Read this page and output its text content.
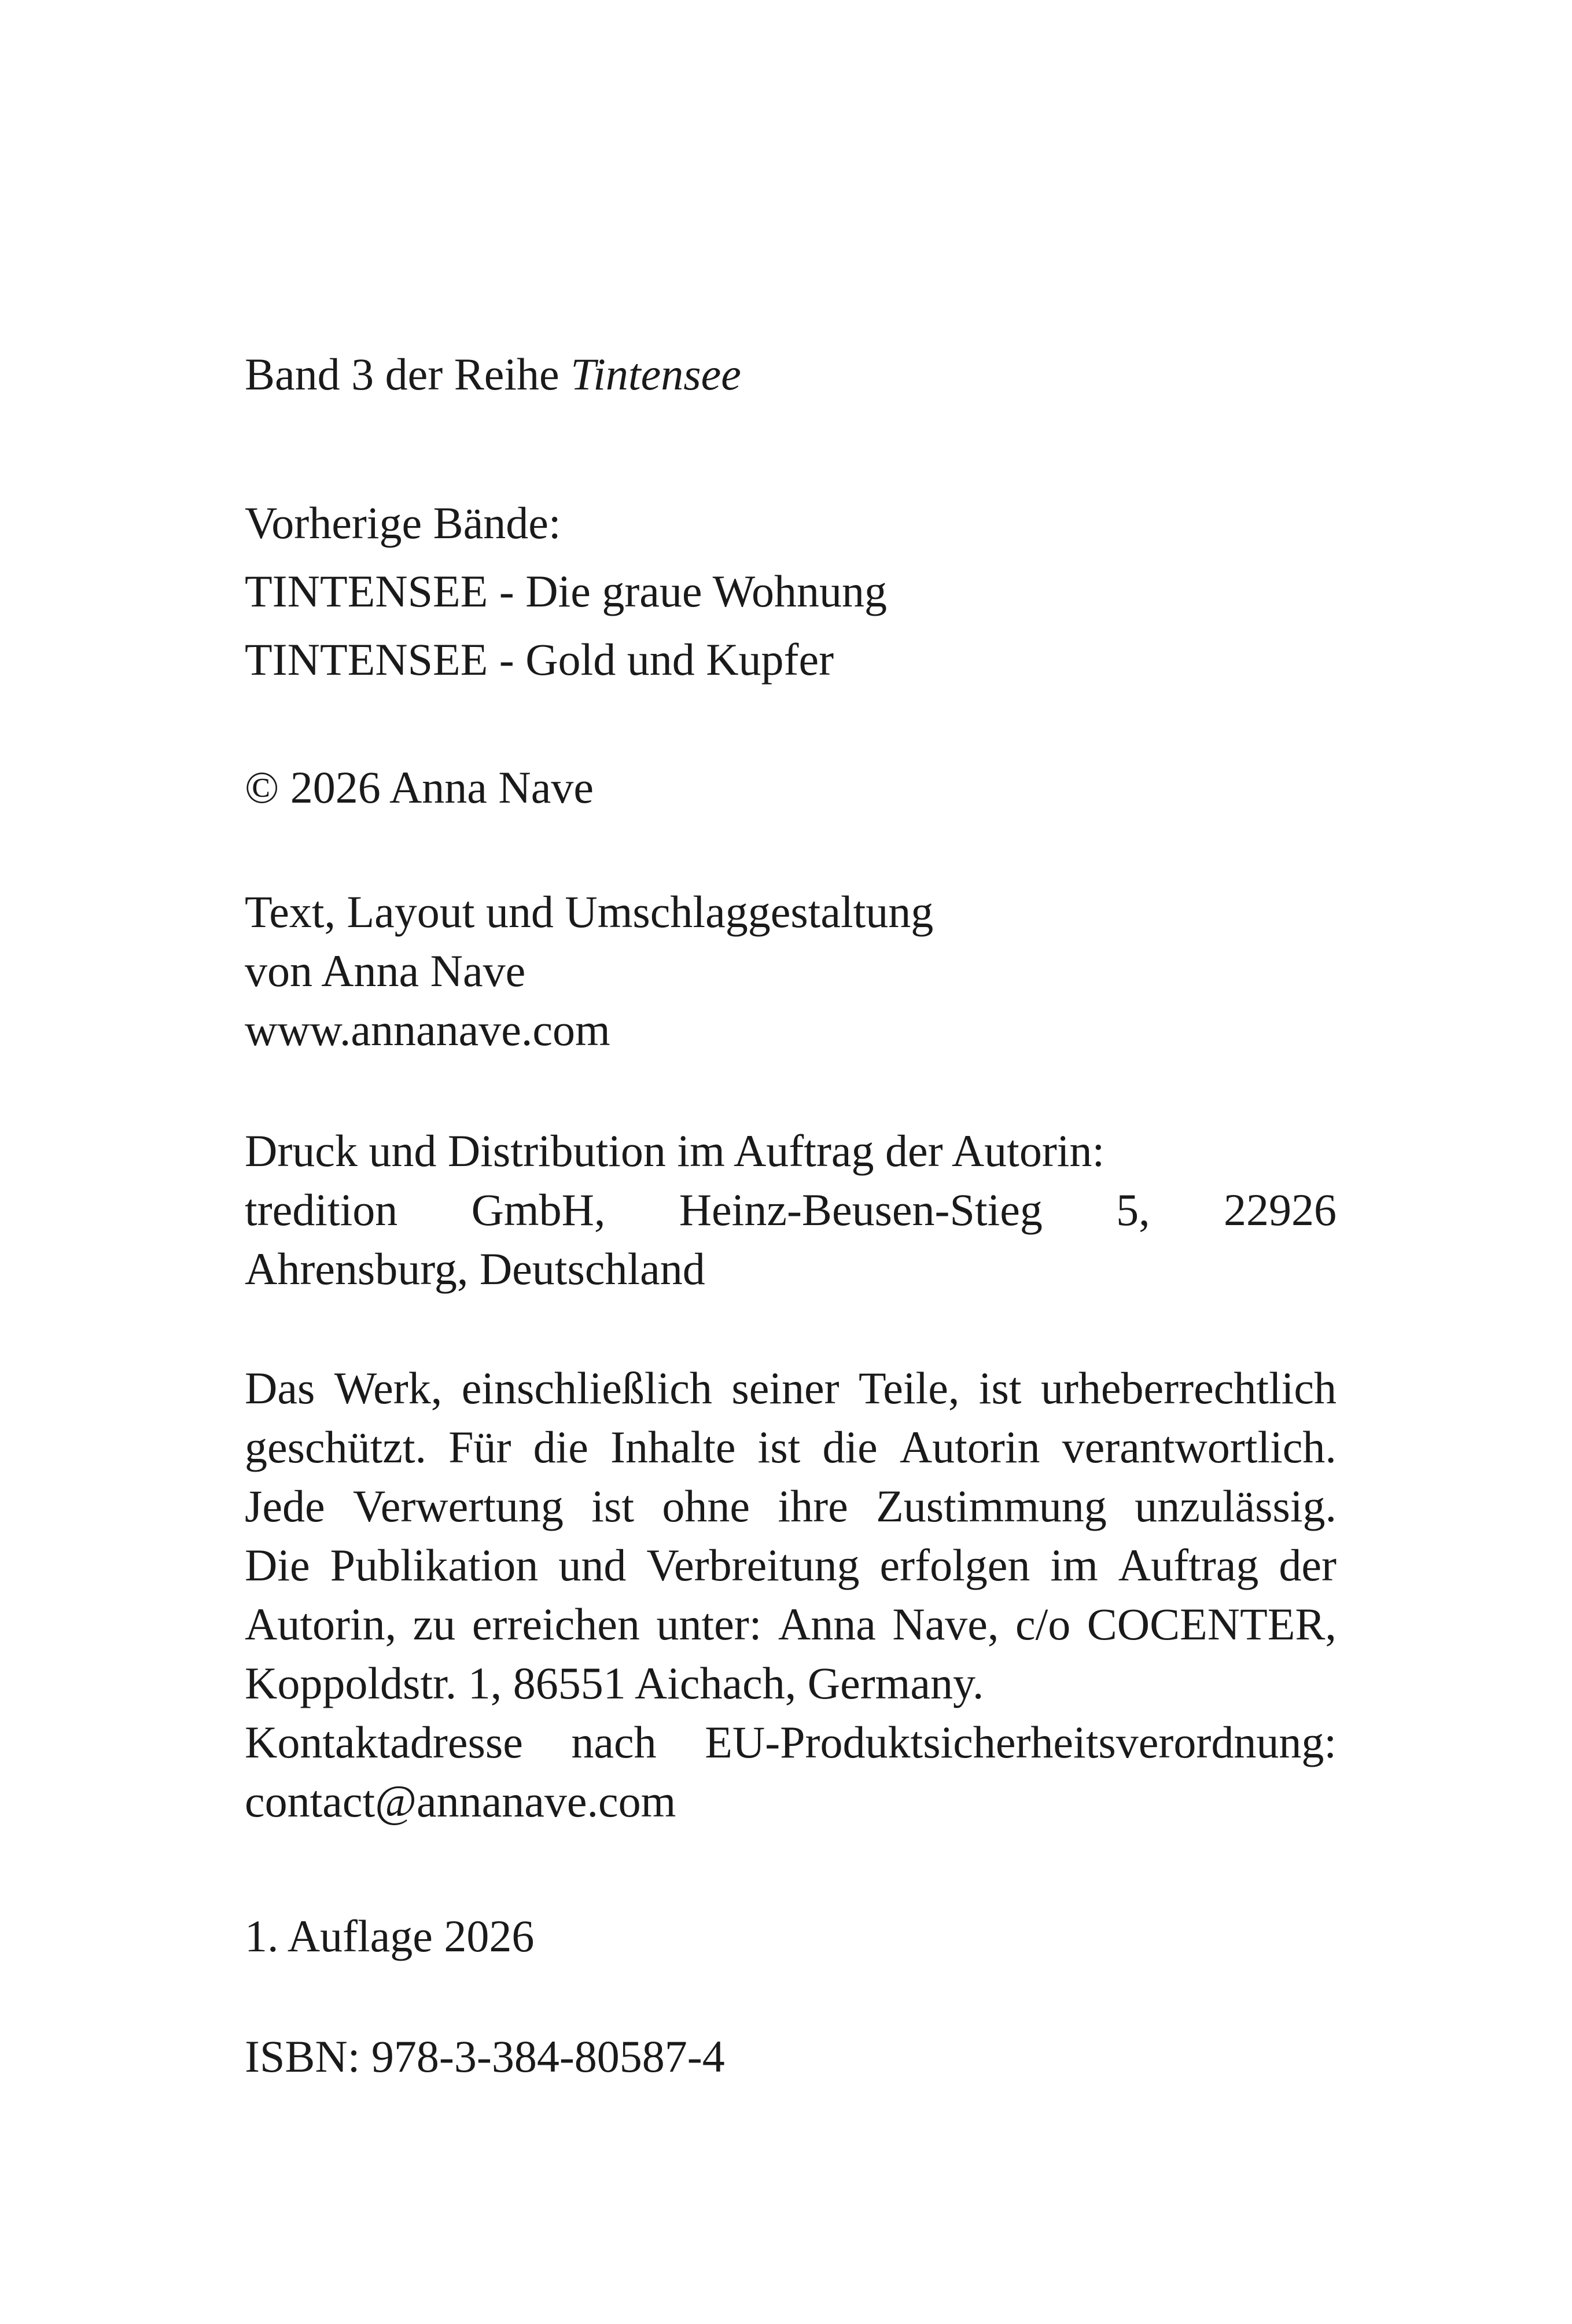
Band 3 der Reihe Tintensee
Vorherige Bände:
TINTENSEE - Die graue Wohnung
TINTENSEE - Gold und Kupfer
© 2026 Anna Nave
Text, Layout und Umschlaggestaltung
von Anna Nave
www.annanave.com
Druck und Distribution im Auftrag der Autorin:
tredition GmbH, Heinz-Beusen-Stieg 5, 22926
Ahrensburg, Deutschland
Das Werk, einschließlich seiner Teile, ist urheberrechtlich
geschützt. Für die Inhalte ist die Autorin verantwortlich.
Jede Verwertung ist ohne ihre Zustimmung unzulässig.
Die Publikation und Verbreitung erfolgen im Auftrag der
Autorin, zu erreichen unter: Anna Nave, c/o COCENTER,
Koppoldstr. 1, 86551 Aichach, Germany.
Kontaktadresse nach EU-Produktsicherheitsverordnung:
contact@annanave.com
1. Auflage 2026
ISBN: 978-3-384-80587-4
